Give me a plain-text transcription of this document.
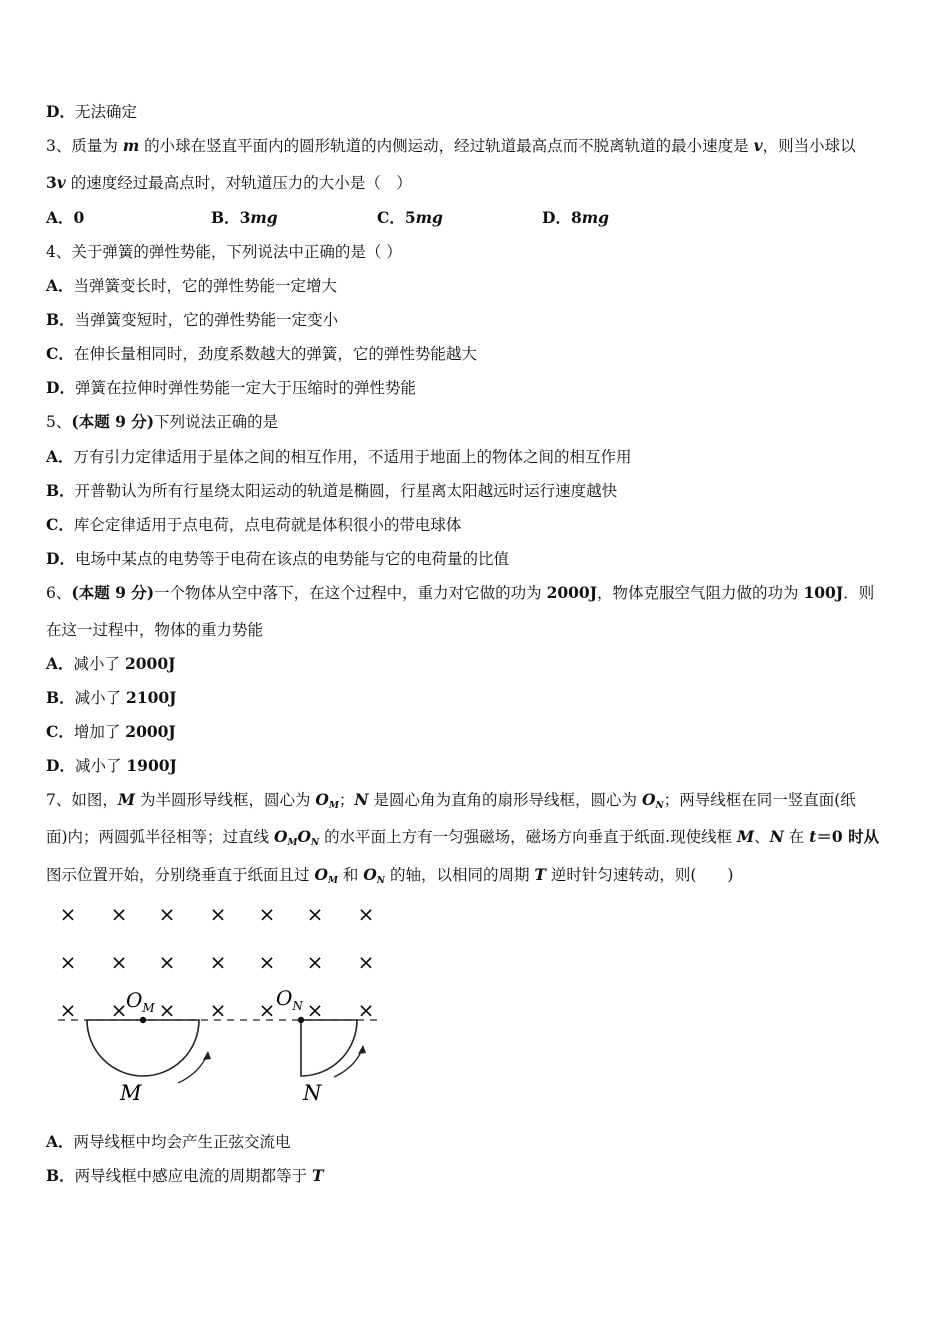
D．无法确定
3、质量为 m 的小球在竖直平面内的圆形轨道的内侧运动，经过轨道最高点而不脱离轨道的最小速度是 v，则当小球以
3v 的速度经过最高点时，对轨道压力的大小是（　）
A．0	B．3mg	C．5mg	D．8mg
4、关于弹簧的弹性势能，下列说法中正确的是（ ）
A．当弹簧变长时，它的弹性势能一定增大
B．当弹簧变短时，它的弹性势能一定变小
C．在伸长量相同时，劲度系数越大的弹簧，它的弹性势能越大
D．弹簧在拉伸时弹性势能一定大于压缩时的弹性势能
5、(本题 9 分)下列说法正确的是
A．万有引力定律适用于星体之间的相互作用，不适用于地面上的物体之间的相互作用
B．开普勒认为所有行星绕太阳运动的轨道是椭圆，行星离太阳越远时运行速度越快
C．库仑定律适用于点电荷，点电荷就是体积很小的带电球体
D．电场中某点的电势等于电荷在该点的电势能与它的电荷量的比值
6、(本题 9 分)一个物体从空中落下，在这个过程中，重力对它做的功为 2000J，物体克服空气阻力做的功为 100J．则
在这一过程中，物体的重力势能
A．减小了 2000J
B．减小了 2100J
C．增加了 2000J
D．减小了 1900J
7、如图，M 为半圆形导线框，圆心为 $O_M$；N 是圆心角为直角的扇形导线框，圆心为 $O_N$；两导线框在同一竖直面(纸
面)内；两圆弧半径相等；过直线 $O_MO_N$ 的水平面上方有一匀强磁场，磁场方向垂直于纸面.现使线框 M、N 在 t＝0 时从
图示位置开始，分别绕垂直于纸面且过 $O_M$ 和 $O_N$ 的轴，以相同的周期 T 逆时针匀速转动，则(　　)
× × × × × × ×
× × × × × × ×
× × × × × × ×
$O_M$	$O_N$
M	N
A．两导线框中均会产生正弦交流电
B．两导线框中感应电流的周期都等于 T
